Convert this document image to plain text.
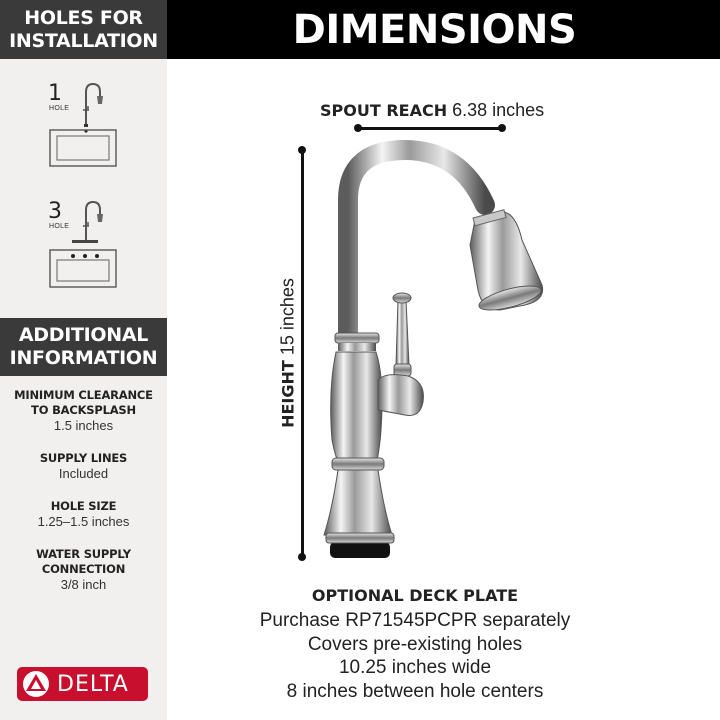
HOLES FOR
INSTALLATION
1
HOLE
3
HOLE
ADDITIONAL
INFORMATION
MINIMUM CLEARANCE
TO BACKSPLASH
1.5 inches
SUPPLY LINES
Included
HOLE SIZE
1.25–1.5 inches
WATER SUPPLY
CONNECTION
3/8 inch
DELTA
DIMENSIONS
SPOUT REACH 6.38 inches
HEIGHT 15 inches
OPTIONAL DECK PLATE
Purchase RP71545PCPR separately
Covers pre-existing holes
10.25 inches wide
8 inches between hole centers
